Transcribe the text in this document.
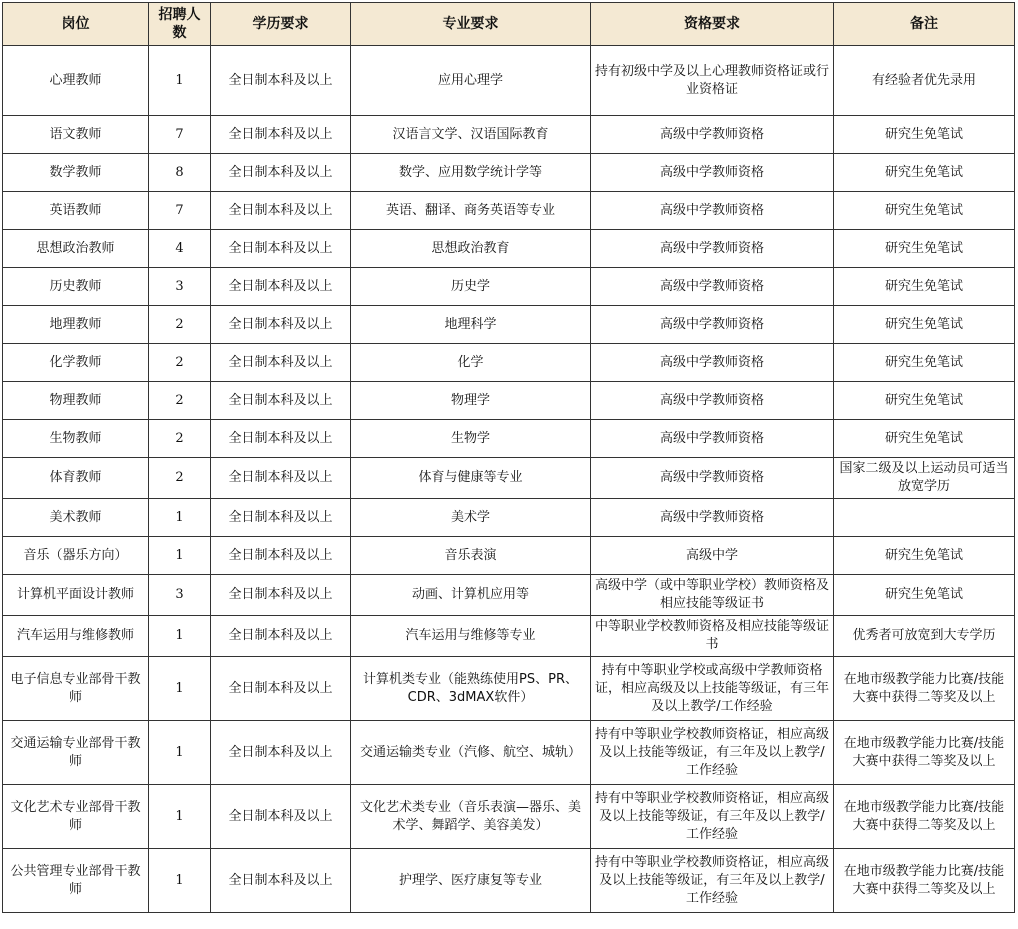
岗位	招聘人数	学历要求	专业要求	资格要求	备注
心理教师	1	全日制本科及以上	应用心理学	持有初级中学及以上心理教师资格证或行业资格证	有经验者优先录用
语文教师	7	全日制本科及以上	汉语言文学、汉语国际教育	高级中学教师资格	研究生免笔试
数学教师	8	全日制本科及以上	数学、应用数学统计学等	高级中学教师资格	研究生免笔试
英语教师	7	全日制本科及以上	英语、翻译、商务英语等专业	高级中学教师资格	研究生免笔试
思想政治教师	4	全日制本科及以上	思想政治教育	高级中学教师资格	研究生免笔试
历史教师	3	全日制本科及以上	历史学	高级中学教师资格	研究生免笔试
地理教师	2	全日制本科及以上	地理科学	高级中学教师资格	研究生免笔试
化学教师	2	全日制本科及以上	化学	高级中学教师资格	研究生免笔试
物理教师	2	全日制本科及以上	物理学	高级中学教师资格	研究生免笔试
生物教师	2	全日制本科及以上	生物学	高级中学教师资格	研究生免笔试
体育教师	2	全日制本科及以上	体育与健康等专业	高级中学教师资格	国家二级及以上运动员可适当放宽学历
美术教师	1	全日制本科及以上	美术学	高级中学教师资格	
音乐（器乐方向）	1	全日制本科及以上	音乐表演	高级中学	研究生免笔试
计算机平面设计教师	3	全日制本科及以上	动画、计算机应用等	高级中学（或中等职业学校）教师资格及相应技能等级证书	研究生免笔试
汽车运用与维修教师	1	全日制本科及以上	汽车运用与维修等专业	中等职业学校教师资格及相应技能等级证书	优秀者可放宽到大专学历
电子信息专业部骨干教师	1	全日制本科及以上	计算机类专业（能熟练使用PS、PR、CDR、3dMAX软件）	持有中等职业学校或高级中学教师资格证，相应高级及以上技能等级证，有三年及以上教学/工作经验	在地市级教学能力比赛/技能大赛中获得二等奖及以上
交通运输专业部骨干教师	1	全日制本科及以上	交通运输类专业（汽修、航空、城轨）	持有中等职业学校教师资格证，相应高级及以上技能等级证，有三年及以上教学/工作经验	在地市级教学能力比赛/技能大赛中获得二等奖及以上
文化艺术专业部骨干教师	1	全日制本科及以上	文化艺术类专业（音乐表演—器乐、美术学、舞蹈学、美容美发）	持有中等职业学校教师资格证，相应高级及以上技能等级证，有三年及以上教学/工作经验	在地市级教学能力比赛/技能大赛中获得二等奖及以上
公共管理专业部骨干教师	1	全日制本科及以上	护理学、医疗康复等专业	持有中等职业学校教师资格证，相应高级及以上技能等级证，有三年及以上教学/工作经验	在地市级教学能力比赛/技能大赛中获得二等奖及以上
